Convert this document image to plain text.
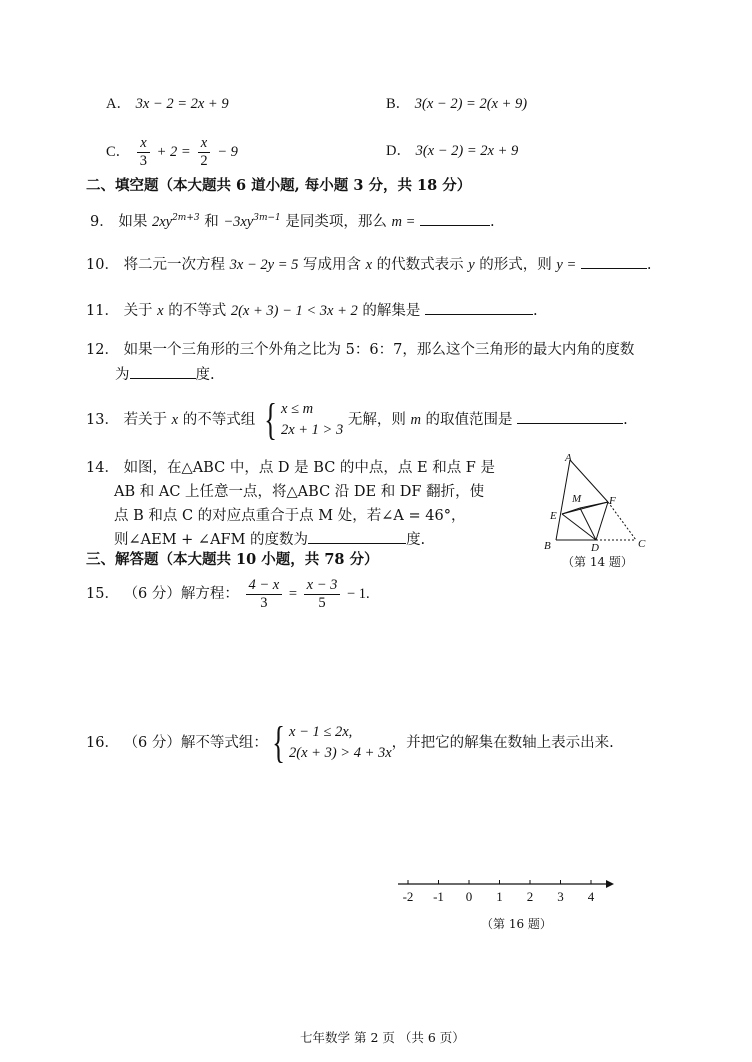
A． 3x − 2 = 2x + 9	B． 3(x − 2) = 2(x + 9)
C． $\frac{x}{3} + 2 = \frac{x}{2} - 9$	D． 3(x − 2) = 2x + 9
二、填空题（本大题共 6 道小题, 每小题 3 分，共 18 分）
9． 如果 $2xy^{2m+3}$ 和 $-3xy^{3m-1}$ 是同类项，那么 m =	.
10． 将二元一次方程 3x − 2y = 5 写成用含 x 的代数式表示 y 的形式，则 y =	.
11． 关于 x 的不等式 2(x + 3) − 1 < 3x + 2 的解集是	.
12． 如果一个三角形的三个外角之比为 5：6：7，那么这个三角形的最大内角的度数
为	度.
13． 若关于 x 的不等式组 { x ≤ m
2x + 1 > 3
无解，则 m 的取值范围是	.
14． 如图，在△ABC 中，点 D 是 BC 的中点，点 E 和点 F 是
AB 和 AC 上任意一点，将△ABC 沿 DE 和 DF 翻折，使
点 B 和点 C 的对应点重合于点 M 处，若∠A = 46°，
则∠AEM + ∠AFM 的度数为	度.
A
B	C
D
E
F
M
（第 14 题）
三、解答题（本大题共 10 小题，共 78 分）
15． （6 分）解方程： $\frac{4 - x}{3} = \frac{x - 3}{5} - 1$.
16． （6 分）解不等式组：{ x − 1 ≤ 2x,
2(x + 3) > 4 + 3x
，并把它的解集在数轴上表示出来.
-2 -1 0 1 2 3 4
（第 16 题）
七年数学 第 2 页 （共 6 页）
